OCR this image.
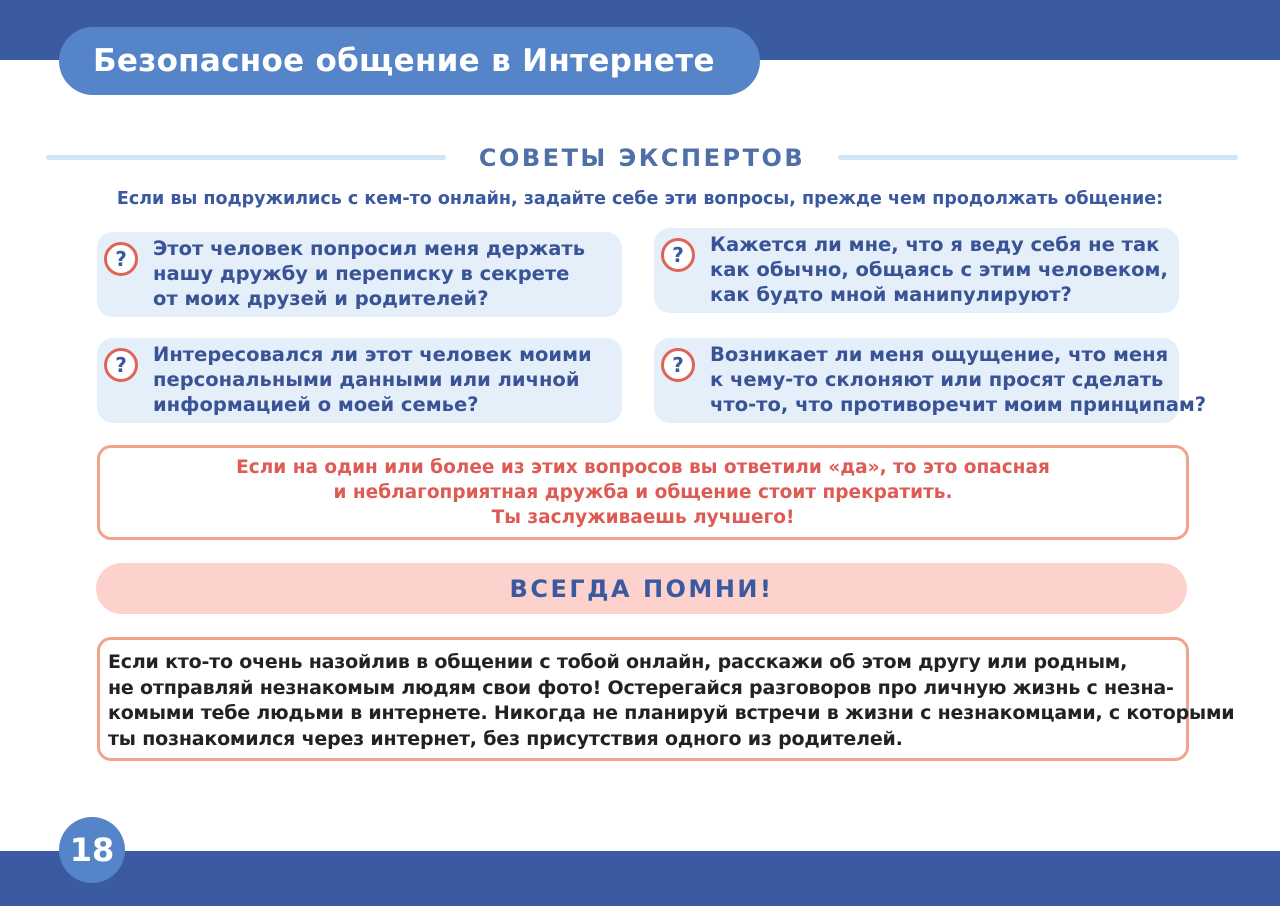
Безопасное общение в Интернете
СОВЕТЫ ЭКСПЕРТОВ
Если вы подружились с кем-то онлайн, задайте себе эти вопросы, прежде чем продолжать общение:
?	Этот человек попросил меня держать
нашу дружбу и переписку в секрете
от моих друзей и родителей?
?	Кажется ли мне, что я веду себя не так
как обычно, общаясь с этим человеком,
как будто мной манипулируют?
?	Интересовался ли этот человек моими
персональными данными или личной
информацией о моей семье?
?	Возникает ли меня ощущение, что меня
к чему-то склоняют или просят сделать
что-то, что противоречит моим принципам?
Если на один или более из этих вопросов вы ответили «да», то это опасная
и неблагоприятная дружба и общение стоит прекратить.
Ты заслуживаешь лучшего!
ВСЕГДА ПОМНИ!
Если кто-то очень назойлив в общении с тобой онлайн, расскажи об этом другу или родным,
не отправляй незнакомым людям свои фото! Остерегайся разговоров про личную жизнь с незна-
комыми тебе людьми в интернете. Никогда не планируй встречи в жизни с незнакомцами, с которыми
ты познакомился через интернет, без присутствия одного из родителей.
18
